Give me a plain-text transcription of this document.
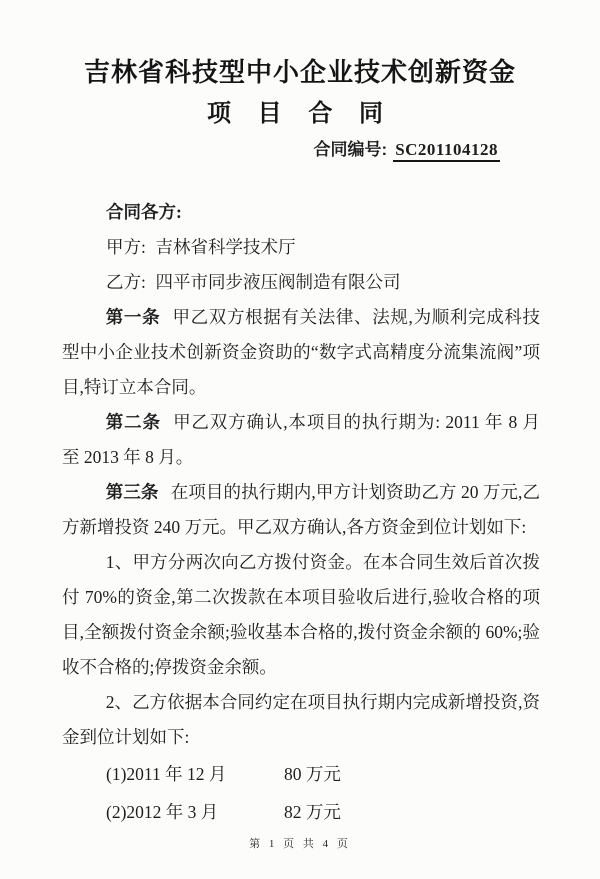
吉林省科技型中小企业技术创新资金
项 目 合 同
合同编号: SC201104128

合同各方:

甲方: 吉林省科学技术厅

乙方: 四平市同步液压阀制造有限公司

第一条 甲乙双方根据有关法律、法规,为顺利完成科技型中小企业技术创新资金资助的“数字式高精度分流集流阀”项目,特订立本合同。

第二条 甲乙双方确认,本项目的执行期为: 2011 年 8 月 至 2013 年 8 月。

第三条 在项目的执行期内,甲方计划资助乙方 20 万元,乙方新增投资 240 万元。甲乙双方确认,各方资金到位计划如下:

1、甲方分两次向乙方拨付资金。在本合同生效后首次拨付 70%的资金,第二次拨款在本项目验收后进行,验收合格的项目,全额拨付资金余额;验收基本合格的,拨付资金余额的 60%;验收不合格的;停拨资金余额。

2、乙方依据本合同约定在项目执行期内完成新增投资,资金到位计划如下:

(1)2011 年 12 月	80 万元
(2)2012 年 3 月	82 万元
第 1 页 共 4 页
